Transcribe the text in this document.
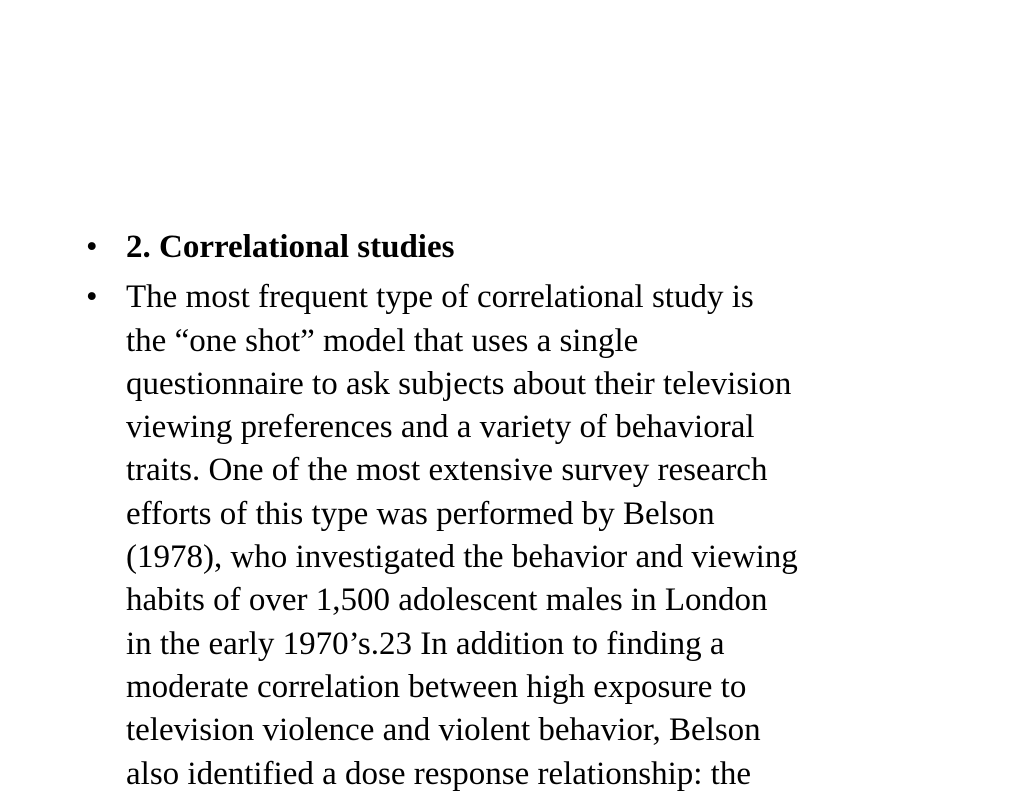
• 2. Correlational studies
• The most frequent type of correlational study is
the “one shot” model that uses a single
questionnaire to ask subjects about their television
viewing preferences and a variety of behavioral
traits. One of the most extensive survey research
efforts of this type was performed by Belson
(1978), who investigated the behavior and viewing
habits of over 1,500 adolescent males in London
in the early 1970’s.23 In addition to finding a
moderate correlation between high exposure to
television violence and violent behavior, Belson
also identified a dose response relationship: the
